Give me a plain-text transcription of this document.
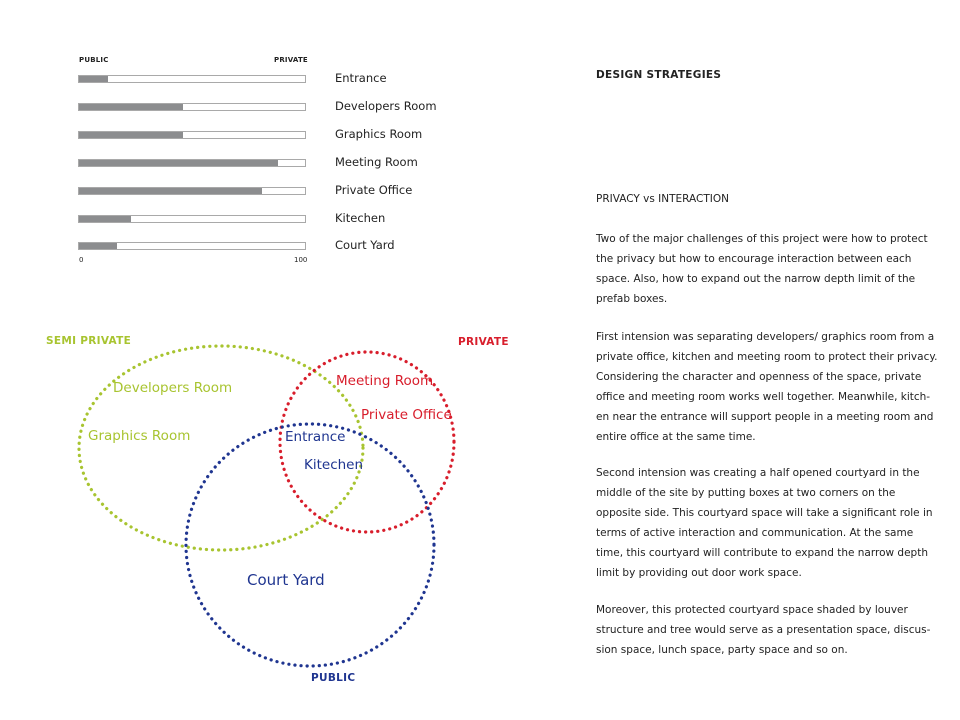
PUBLIC	PRIVATE
Entrance
Developers Room
Graphics Room
Meeting Room
Private Office
Kitechen
Court Yard
0	100
SEMI PRIVATE	PRIVATE
PUBLIC
Developers Room
Graphics Room
Meeting Room
Private Office
Entrance
Kitechen
Court Yard
DESIGN STRATEGIES
PRIVACY vs INTERACTION

Two of the major challenges of this project were how to protect the privacy but how to encourage interaction between each space. Also, how to expand out the narrow depth limit of the prefab boxes.

First intension was separating developers/ graphics room from a private office, kitchen and meeting room to protect their privacy. Considering the character and openness of the space, private office and meeting room works well together. Meanwhile, kitch- en near the entrance will support people in a meeting room and entire office at the same time.

Second intension was creating a half opened courtyard in the middle of the site by putting boxes at two corners on the opposite side. This courtyard space will take a significant role in terms of active interaction and communication. At the same time, this courtyard will contribute to expand the narrow depth limit by providing out door work space.

Moreover, this protected courtyard space shaded by louver structure and tree would serve as a presentation space, discus- sion space, lunch space, party space and so on.
